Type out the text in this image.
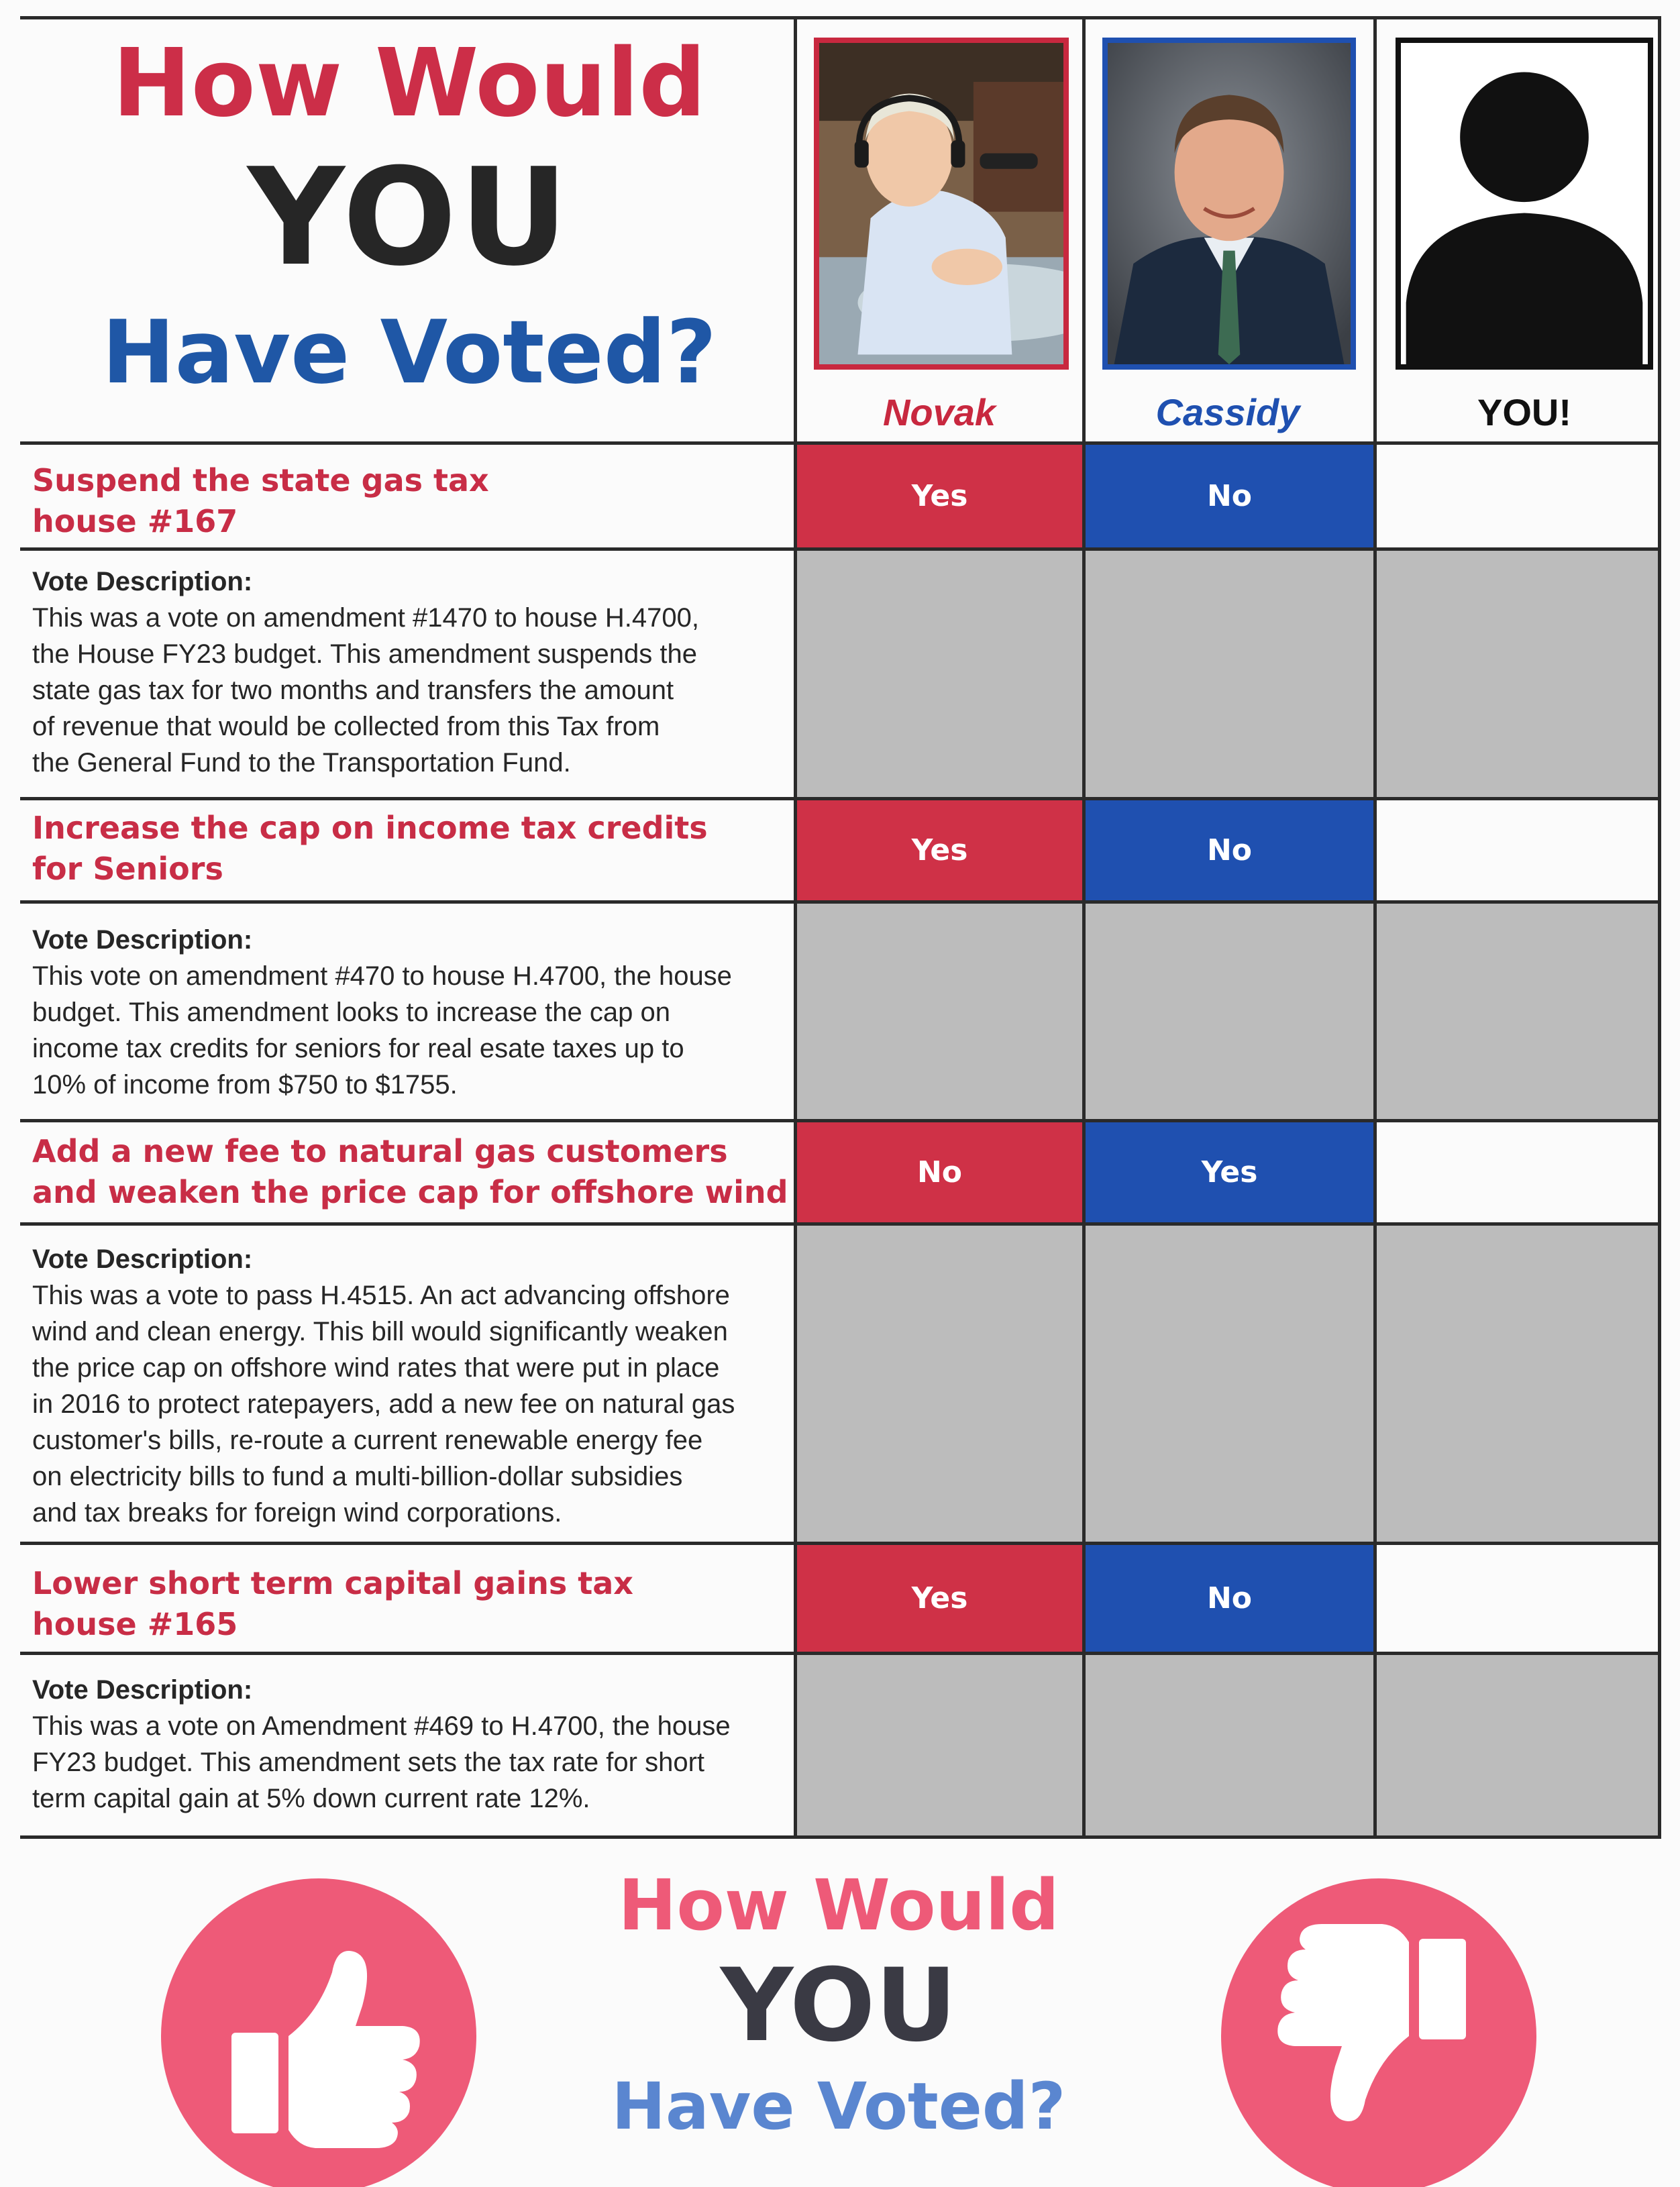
How Would
YOU
Have Voted?
Novak	Cassidy	YOU!
Suspend the state gas tax
house #167
Yes	No
Vote Description:
This was a vote on amendment #1470 to house H.4700,
the House FY23 budget. This amendment suspends the
state gas tax for two months and transfers the amount
of revenue that would be collected from this Tax from
the General Fund to the Transportation Fund.
Increase the cap on income tax credits
for Seniors
Yes	No
Vote Description:
This vote on amendment #470 to house H.4700, the house
budget. This amendment looks to increase the cap on
income tax credits for seniors for real esate taxes up to
10% of income from $750 to $1755.
Add a new fee to natural gas customers
and weaken the price cap for offshore wind
No	Yes
Vote Description:
This was a vote to pass H.4515. An act advancing offshore
wind and clean energy. This bill would significantly weaken
the price cap on offshore wind rates that were put in place
in 2016 to protect ratepayers, add a new fee on natural gas
customer's bills, re-route a current renewable energy fee
on electricity bills to fund a multi-billion-dollar subsidies
and tax breaks for foreign wind corporations.
Lower short term capital gains tax
house #165
Yes	No
Vote Description:
This was a vote on Amendment #469 to H.4700, the house
FY23 budget. This amendment sets the tax rate for short
term capital gain at 5% down current rate 12%.
How Would
YOU
Have Voted?
